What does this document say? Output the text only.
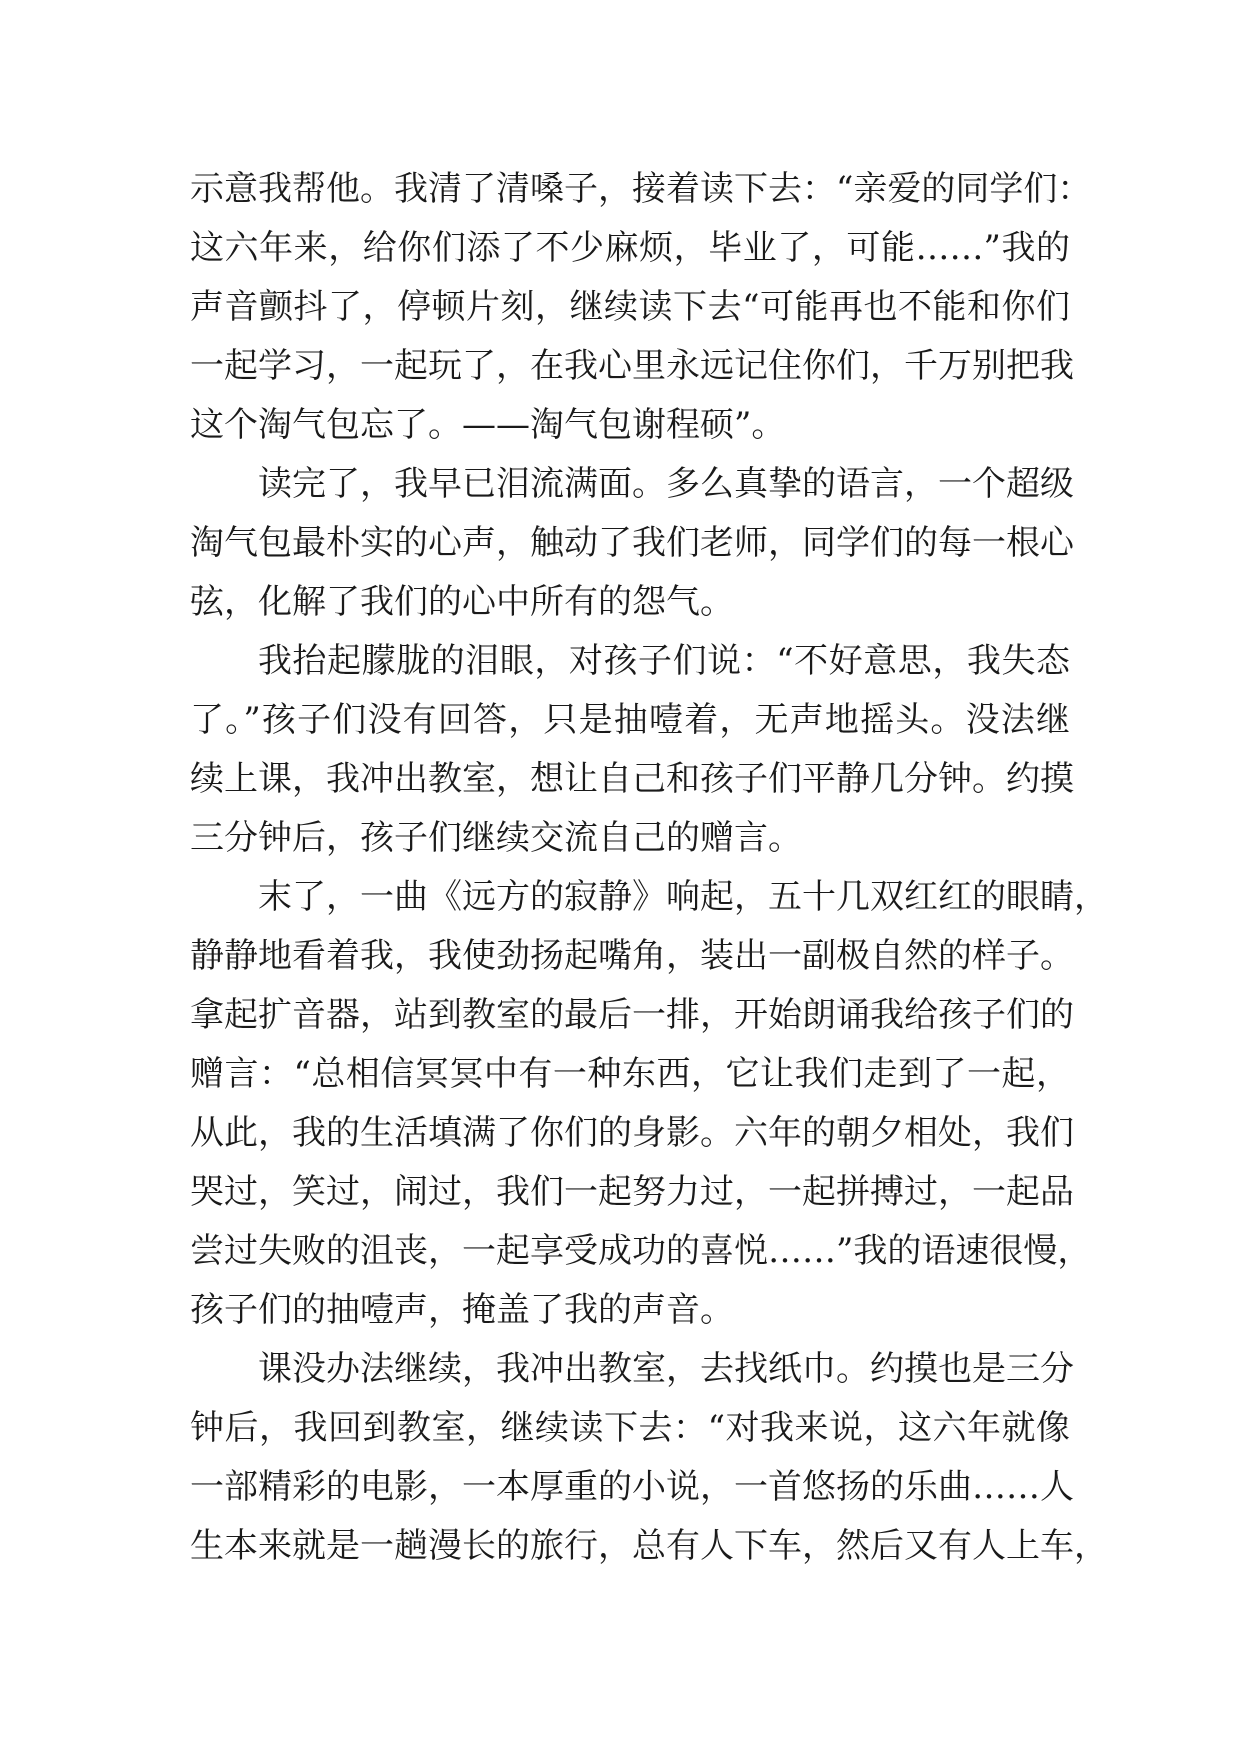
示意我帮他。我清了清嗓子，接着读下去：“亲爱的同学们：
这六年来，给你们添了不少麻烦，毕业了，可能……”我的
声音颤抖了，停顿片刻，继续读下去“可能再也不能和你们
一起学习，一起玩了，在我心里永远记住你们，千万别把我
这个淘气包忘了。——淘气包谢程硕”。
读完了，我早已泪流满面。多么真挚的语言，一个超级
淘气包最朴实的心声，触动了我们老师，同学们的每一根心
弦，化解了我们的心中所有的怨气。
我抬起朦胧的泪眼，对孩子们说：“不好意思，我失态
了。”孩子们没有回答，只是抽噎着，无声地摇头。没法继
续上课，我冲出教室，想让自己和孩子们平静几分钟。约摸
三分钟后，孩子们继续交流自己的赠言。
末了，一曲《远方的寂静》响起，五十几双红红的眼睛，
静静地看着我，我使劲扬起嘴角，装出一副极自然的样子。
拿起扩音器，站到教室的最后一排，开始朗诵我给孩子们的
赠言：“总相信冥冥中有一种东西，它让我们走到了一起，
从此，我的生活填满了你们的身影。六年的朝夕相处，我们
哭过，笑过，闹过，我们一起努力过，一起拼搏过，一起品
尝过失败的沮丧，一起享受成功的喜悦……”我的语速很慢，
孩子们的抽噎声，掩盖了我的声音。
课没办法继续，我冲出教室，去找纸巾。约摸也是三分
钟后，我回到教室，继续读下去：“对我来说，这六年就像
一部精彩的电影，一本厚重的小说，一首悠扬的乐曲……人
生本来就是一趟漫长的旅行，总有人下车，然后又有人上车，
